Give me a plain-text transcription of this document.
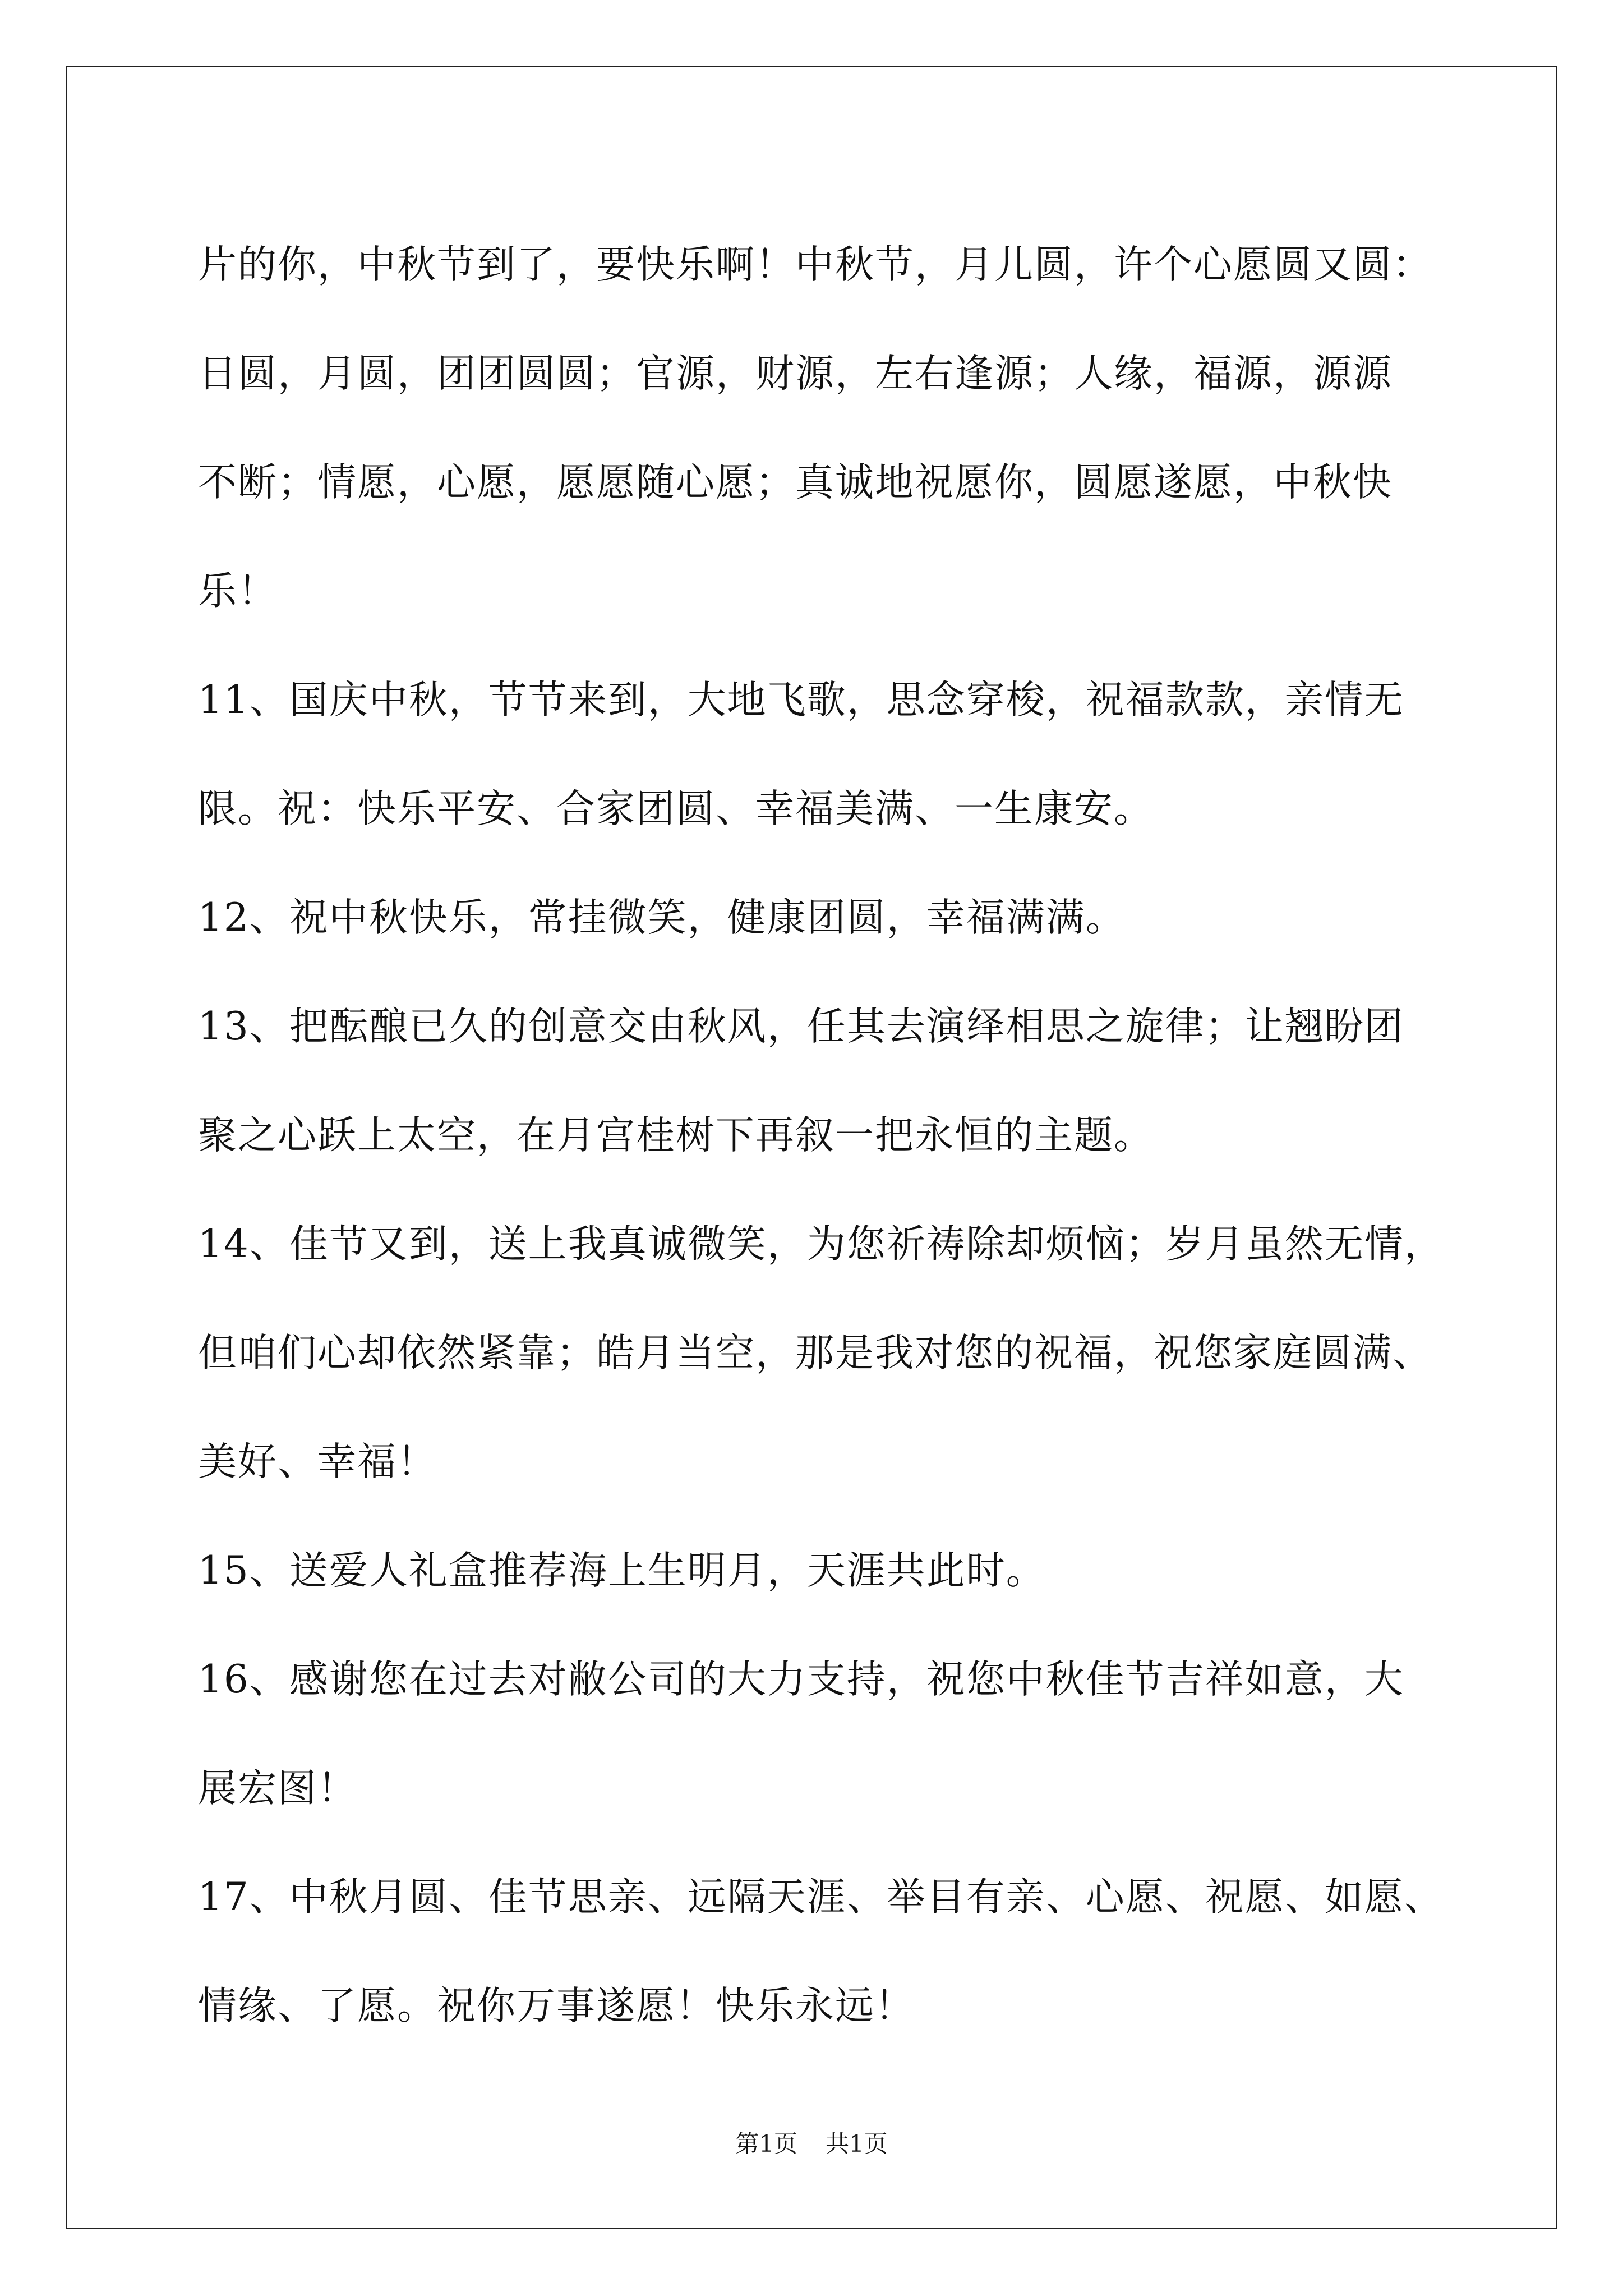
片的你，中秋节到了，要快乐啊！中秋节，月儿圆，许个心愿圆又圆：
日圆，月圆，团团圆圆；官源，财源，左右逢源；人缘，福源，源源
不断；情愿，心愿，愿愿随心愿；真诚地祝愿你，圆愿遂愿，中秋快
乐！
11、国庆中秋，节节来到，大地飞歌，思念穿梭，祝福款款，亲情无
限。祝：快乐平安、合家团圆、幸福美满、一生康安。
12、祝中秋快乐，常挂微笑，健康团圆，幸福满满。
13、把酝酿已久的创意交由秋风，任其去演绎相思之旋律；让翘盼团
聚之心跃上太空，在月宫桂树下再叙一把永恒的主题。
14、佳节又到，送上我真诚微笑，为您祈祷除却烦恼；岁月虽然无情，
但咱们心却依然紧靠；皓月当空，那是我对您的祝福，祝您家庭圆满、
美好、幸福！
15、送爱人礼盒推荐海上生明月，天涯共此时。
16、感谢您在过去对敝公司的大力支持，祝您中秋佳节吉祥如意，大
展宏图！
17、中秋月圆、佳节思亲、远隔天涯、举目有亲、心愿、祝愿、如愿、
情缘、了愿。祝你万事遂愿！快乐永远！
第1页 共1页
